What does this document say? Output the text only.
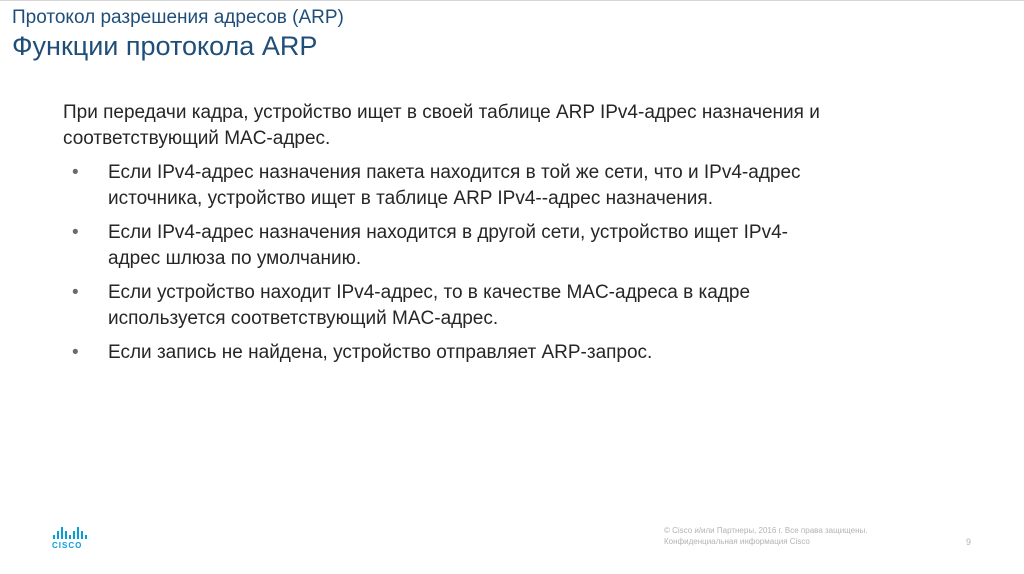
Протокол разрешения адресов (ARP)
Функции протокола ARP
При передачи кадра, устройство ищет в своей таблице ARP IPv4-адрес назначения и
соответствующий MAC-адрес.
• Если IPv4-адрес назначения пакета находится в той же сети, что и IPv4-адрес
источника, устройство ищет в таблице ARP IPv4--адрес назначения.
• Если IPv4-адрес назначения находится в другой сети, устройство ищет IPv4-
адрес шлюза по умолчанию.
• Если устройство находит IPv4-адрес, то в качестве MAC-адреса в кадре
используется соответствующий MAC-адрес.
• Если запись не найдена, устройство отправляет ARP-запрос.
CISCO
© Cisco и/или Партнеры, 2016 г. Все права защищены.
Конфиденциальная информация Cisco	9
